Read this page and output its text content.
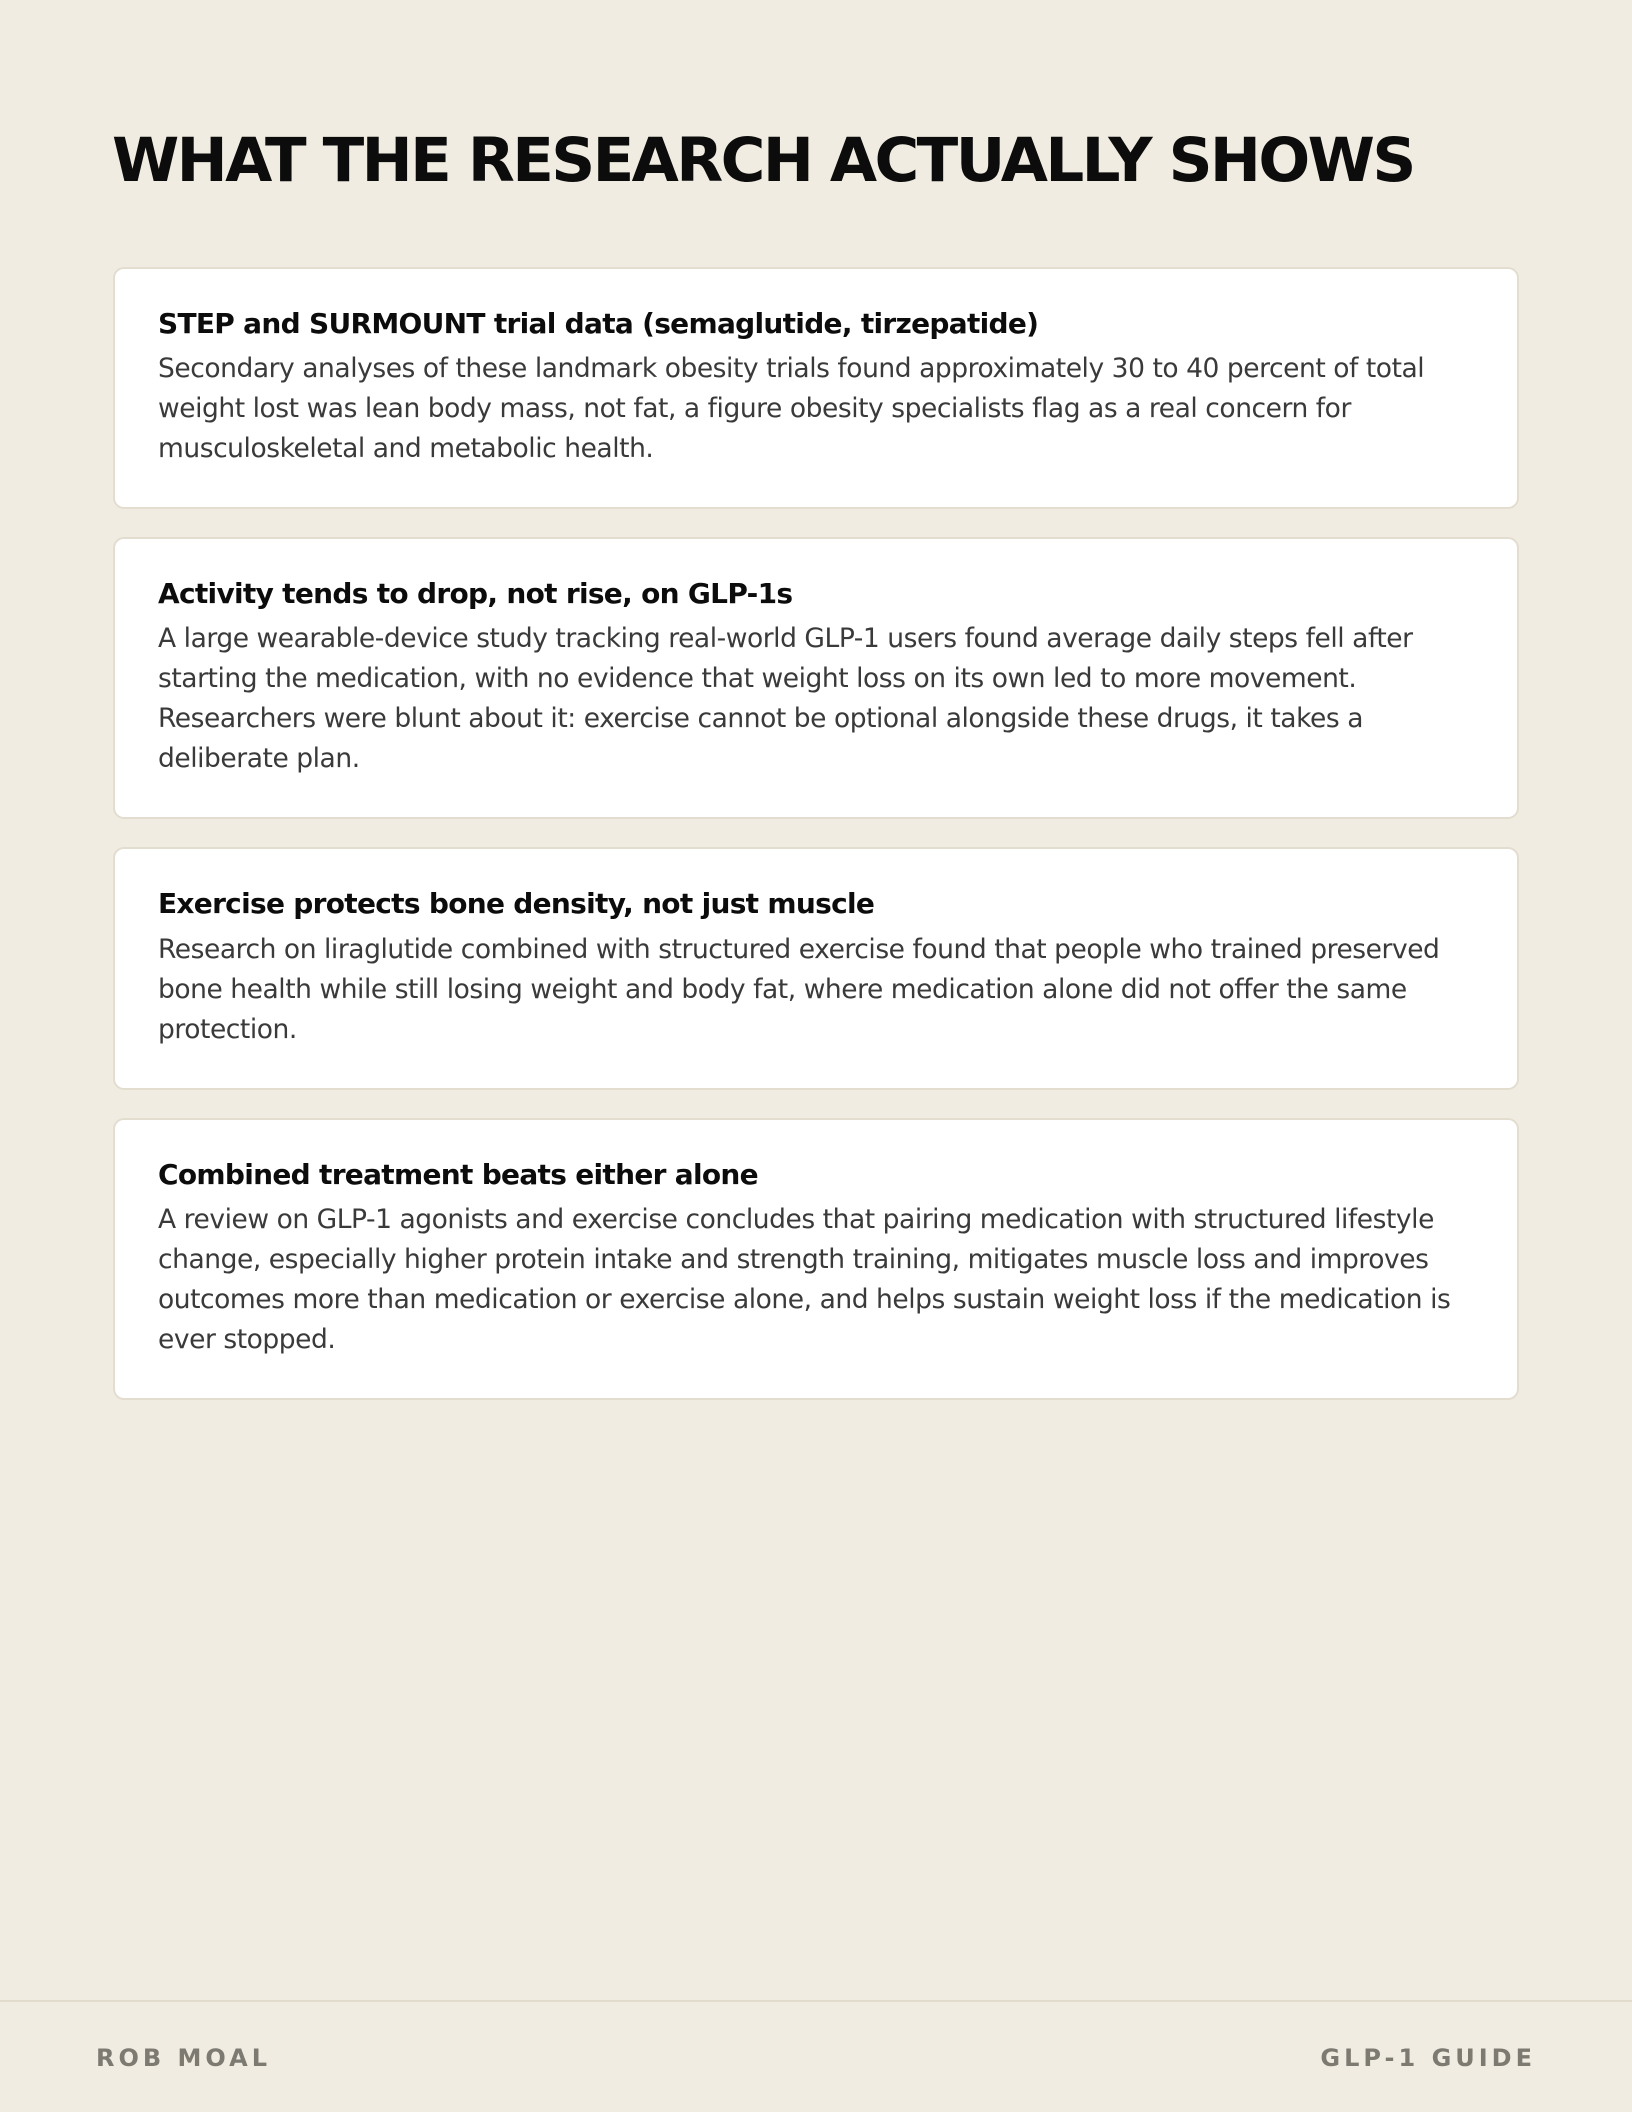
WHAT THE RESEARCH ACTUALLY SHOWS
STEP and SURMOUNT trial data (semaglutide, tirzepatide)

Secondary analyses of these landmark obesity trials found approximately 30 to 40 percent of total weight lost was lean body mass, not fat, a figure obesity specialists flag as a real concern for musculoskeletal and metabolic health.

Activity tends to drop, not rise, on GLP-1s

A large wearable-device study tracking real-world GLP-1 users found average daily steps fell after starting the medication, with no evidence that weight loss on its own led to more movement. Researchers were blunt about it: exercise cannot be optional alongside these drugs, it takes a deliberate plan.

Exercise protects bone density, not just muscle

Research on liraglutide combined with structured exercise found that people who trained preserved bone health while still losing weight and body fat, where medication alone did not offer the same protection.

Combined treatment beats either alone

A review on GLP-1 agonists and exercise concludes that pairing medication with structured lifestyle change, especially higher protein intake and strength training, mitigates muscle loss and improves outcomes more than medication or exercise alone, and helps sustain weight loss if the medication is ever stopped.

ROB MOAL	GLP-1 GUIDE
